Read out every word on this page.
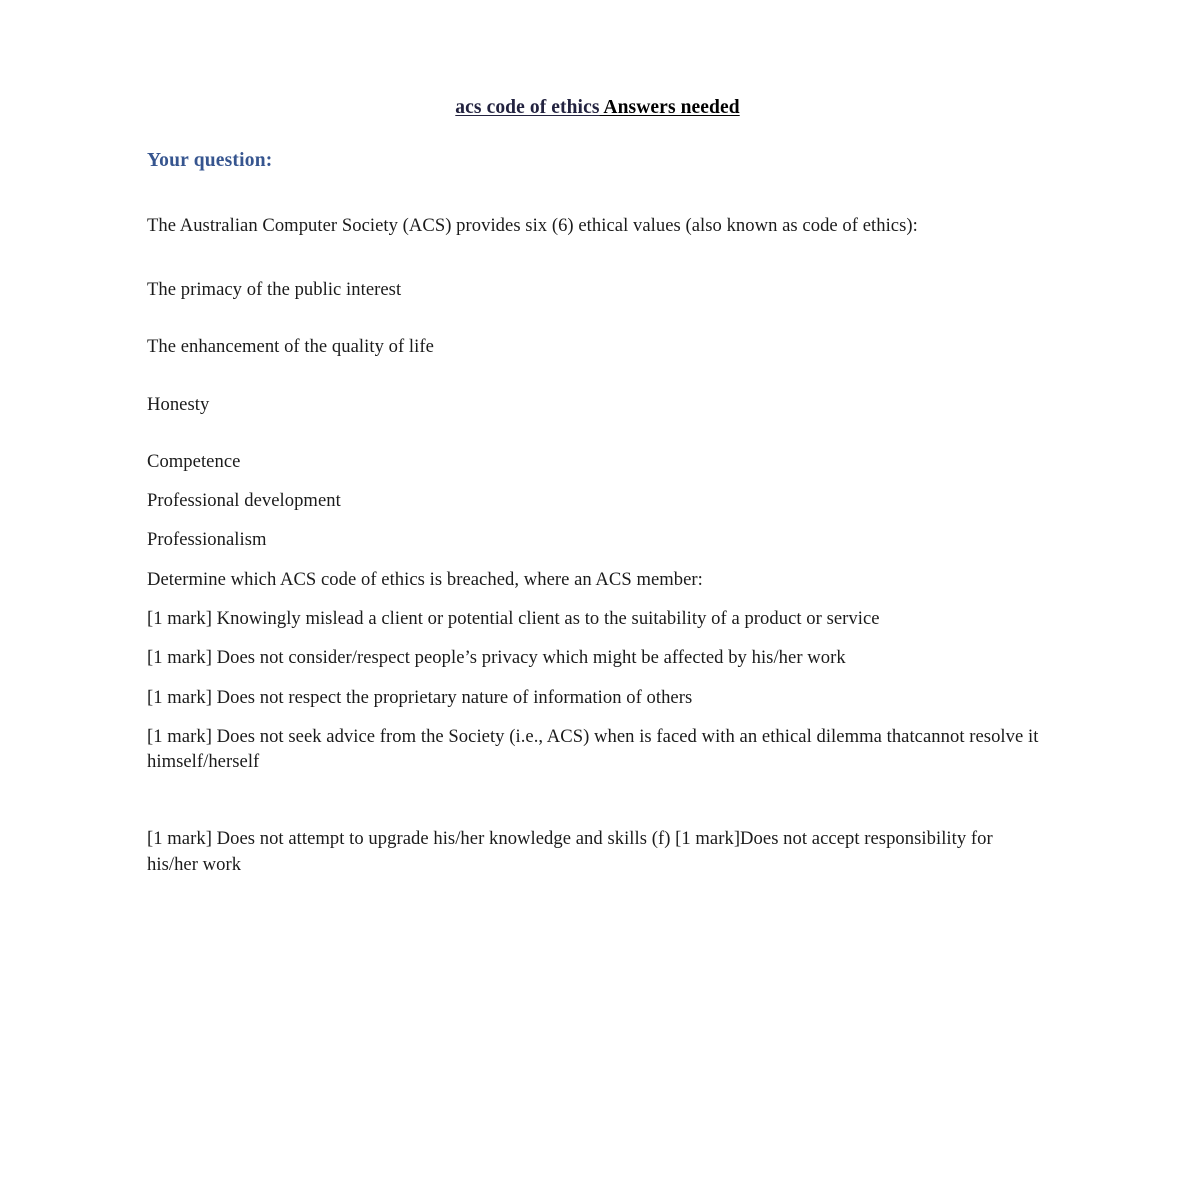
acs code of ethics Answers needed

Your question:

The Australian Computer Society (ACS) provides six (6) ethical values (also known as code of ethics):

The primacy of the public interest

The enhancement of the quality of life

Honesty

Competence

Professional development

Professionalism

Determine which ACS code of ethics is breached, where an ACS member:

[1 mark] Knowingly mislead a client or potential client as to the suitability of a product or service

[1 mark] Does not consider/respect people’s privacy which might be affected by his/her work

[1 mark] Does not respect the proprietary nature of information of others

[1 mark] Does not seek advice from the Society (i.e., ACS) when is faced with an ethical dilemma thatcannot resolve it himself/herself

[1 mark] Does not attempt to upgrade his/her knowledge and skills (f) [1 mark]Does not accept responsibility for his/her work
